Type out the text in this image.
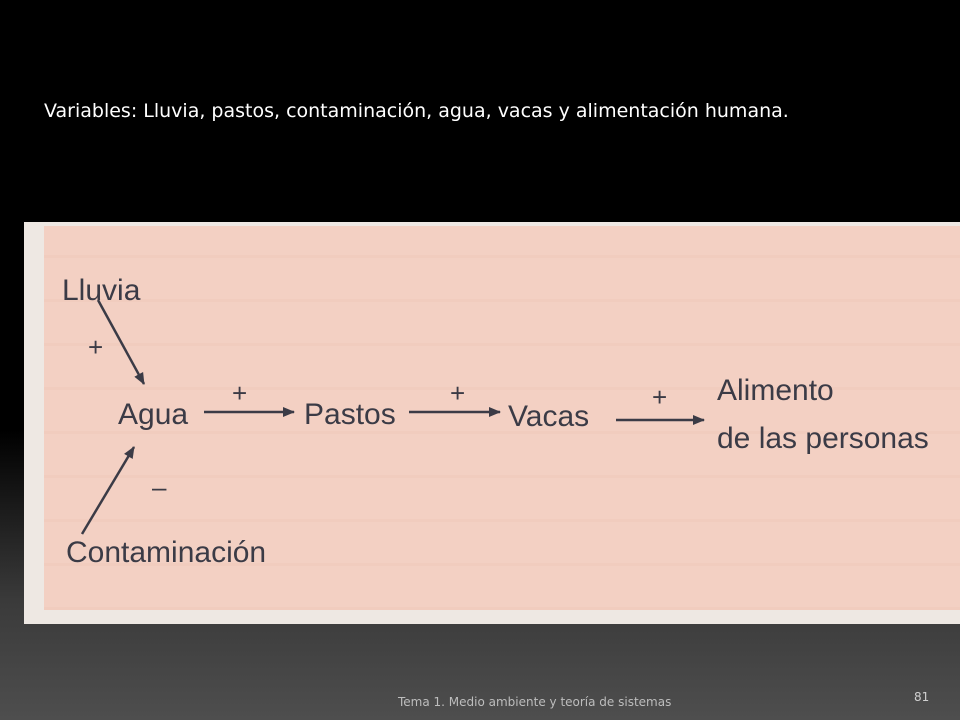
Variables: Lluvia, pastos, contaminación, agua, vacas y alimentación humana.
Lluvia
Agua	Pastos	Vacas
Alimento
de las personas
Contaminación
+
–
+	+	+
Tema 1. Medio ambiente y teoría de sistemas	81
